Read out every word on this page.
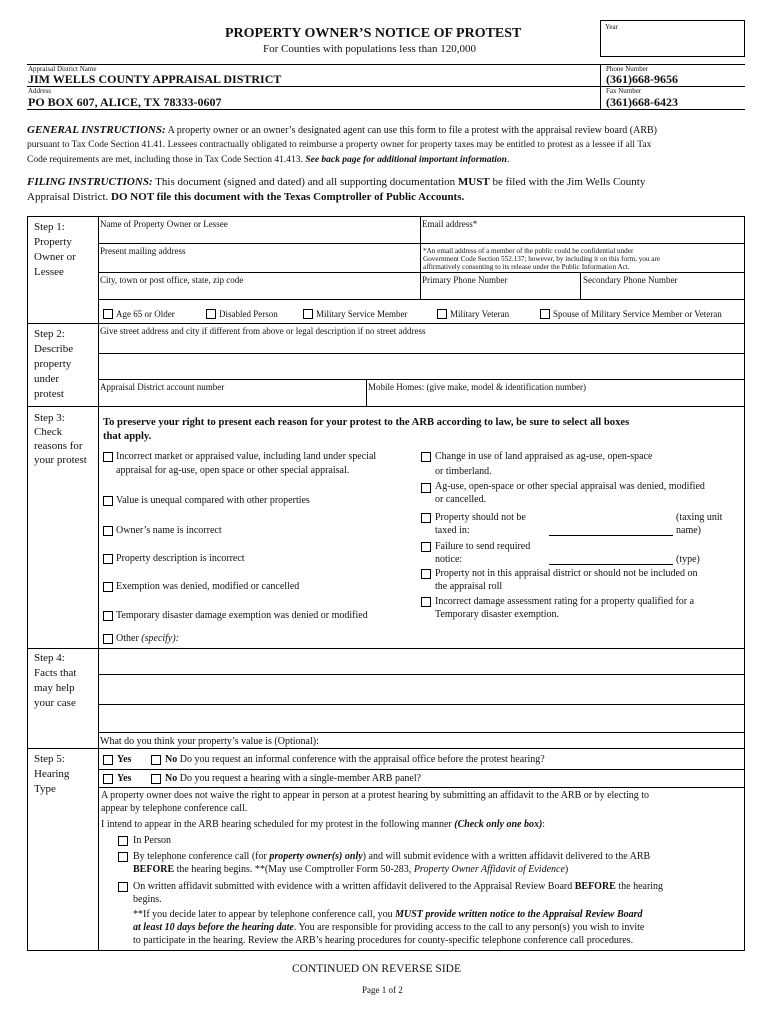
PROPERTY OWNER’S NOTICE OF PROTEST
For Counties with populations less than 120,000
Year
Appraisal District Name
JIM WELLS COUNTY APPRAISAL DISTRICT
Phone Number
(361)668-9656
Address
PO BOX 607, ALICE, TX 78333-0607
Fax Number
(361)668-6423
GENERAL INSTRUCTIONS: A property owner or an owner’s designated agent can use this form to file a protest with the appraisal review board (ARB)
pursuant to Tax Code Section 41.41. Lessees contractually obligated to reimburse a property owner for property taxes may be entitled to protest as a lessee if all Tax
Code requirements are met, including those in Tax Code Section 41.413. See back page for additional important information.
FILING INSTRUCTIONS: This document (signed and dated) and all supporting documentation MUST be filed with the Jim Wells County
Appraisal District. DO NOT file this document with the Texas Comptroller of Public Accounts.
Step 1:
Property
Owner or
Lessee
Name of Property Owner or Lessee	Email address*
Present mailing address	*An email address of a member of the public could be confidential under
Government Code Section 552.137; however, by including it on this form, you are
affirmatively consenting to its release under the Public Information Act.
City, town or post office, state, zip code	Primary Phone Number	Secondary Phone Number
Age 65 or Older	Disabled Person	Military Service Member	Military Veteran	Spouse of Military Service Member or Veteran
Step 2:
Describe
property
under
protest
Give street address and city if different from above or legal description if no street address
Appraisal District account number	Mobile Homes: (give make, model & identification number)
Step 3:
Check
reasons for
your protest
To preserve your right to present each reason for your protest to the ARB according to law, be sure to select all boxes
that apply.
Incorrect market or appraised value, including land under special
appraisal for ag-use, open space or other special appraisal.
Value is unequal compared with other properties
Owner’s name is incorrect
Property description is incorrect
Exemption was denied, modified or cancelled
Temporary disaster damage exemption was denied or modified
Other (specify):
Change in use of land appraised as ag-use, open-space
or timberland.
Ag-use, open-space or other special appraisal was denied, modified
or cancelled.
Property should not be	(taxing unit
taxed in:	name)
Failure to send required
notice:	(type)
Property not in this appraisal district or should not be included on
the appraisal roll
Incorrect damage assessment rating for a property qualified for a
Temporary disaster exemption.
Step 4:
Facts that
may help
your case
What do you think your property’s value is (Optional):
Step 5:
Hearing
Type
Yes	No Do you request an informal conference with the appraisal office before the protest hearing?
Yes	No Do you request a hearing with a single-member ARB panel?
A property owner does not waive the right to appear in person at a protest hearing by submitting an affidavit to the ARB or by electing to
appear by telephone conference call.
I intend to appear in the ARB hearing scheduled for my protest in the following manner (Check only one box):
In Person
By telephone conference call (for property owner(s) only) and will submit evidence with a written affidavit delivered to the ARB
BEFORE the hearing begins. **(May use Comptroller Form 50-283, Property Owner Affidavit of Evidence)
On written affidavit submitted with evidence with a written affidavit delivered to the Appraisal Review Board BEFORE the hearing
begins.
**If you decide later to appear by telephone conference call, you MUST provide written notice to the Appraisal Review Board
at least 10 days before the hearing date. You are responsible for providing access to the call to any person(s) you wish to invite
to participate in the hearing. Review the ARB’s hearing procedures for county-specific telephone conference call procedures.
CONTINUED ON REVERSE SIDE
Page 1 of 2
